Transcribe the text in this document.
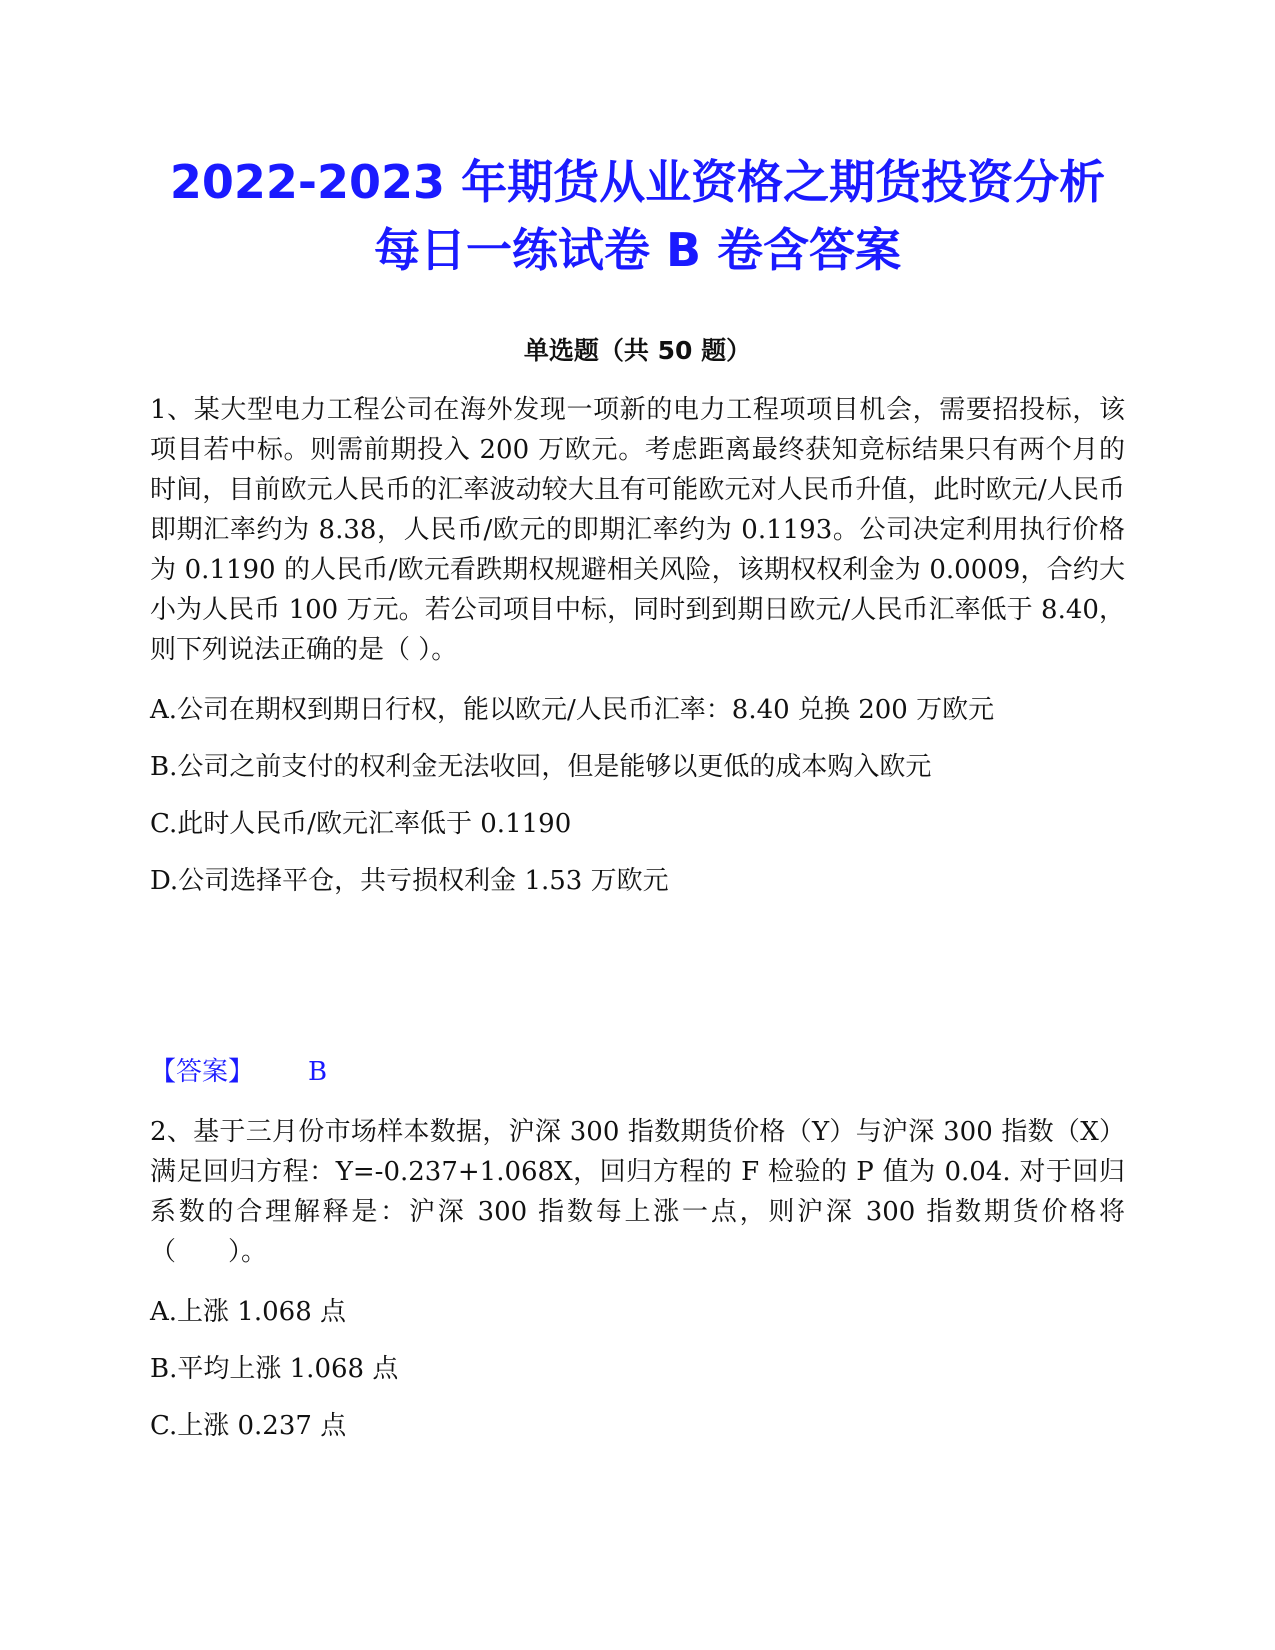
2022-2023 年期货从业资格之期货投资分析
每日一练试卷 B 卷含答案
单选题（共 50 题）

1、某大型电力工程公司在海外发现一项新的电力工程项项目机会，需要招投标，该项目若中标。则需前期投入 200 万欧元。考虑距离最终获知竞标结果只有两个月的时间，目前欧元人民币的汇率波动较大且有可能欧元对人民币升值，此时欧元/人民币即期汇率约为 8.38，人民币/欧元的即期汇率约为 0.1193。公司决定利用执行价格为 0.1190 的人民币/欧元看跌期权规避相关风险，该期权权利金为 0.0009，合约大小为人民币 100 万元。若公司项目中标，同时到到期日欧元/人民币汇率低于 8.40，则下列说法正确的是（ ）。

A.公司在期权到期日行权，能以欧元/人民币汇率：8.40 兑换 200 万欧元
B.公司之前支付的权利金无法收回，但是能够以更低的成本购入欧元
C.此时人民币/欧元汇率低于 0.1190
D.公司选择平仓，共亏损权利金 1.53 万欧元
【答案】 B

2、基于三月份市场样本数据，沪深 300 指数期货价格（Y）与沪深 300 指数（X）满足回归方程：Y=-0.237+1.068X，回归方程的 F 检验的 P 值为 0.04. 对于回归系数的合理解释是：沪深 300 指数每上涨一点，则沪深 300 指数期货价格将（　　）。

A.上涨 1.068 点
B.平均上涨 1.068 点
C.上涨 0.237 点
